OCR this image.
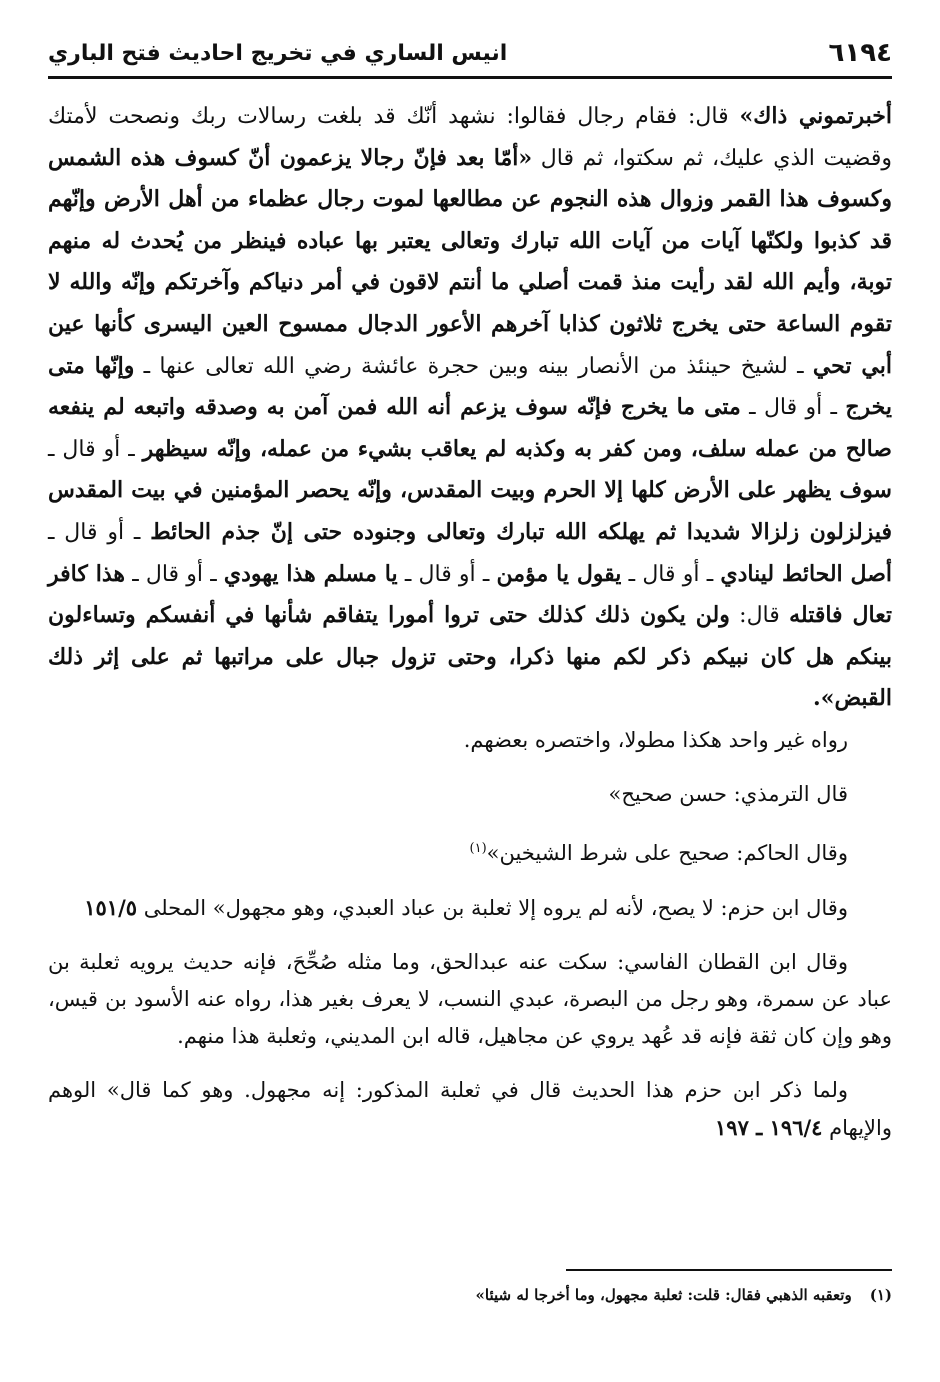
٦١٩٤
انيس الساري في تخريج احاديث فتح الباري

أخبرتموني ذاك» قال: فقام رجال فقالوا: نشهد أنّك قد بلغت رسالات ربك ونصحت لأمتك وقضيت الذي عليك، ثم سكتوا، ثم قال «أمّا بعد فإنّ رجالا يزعمون أنّ كسوف هذه الشمس وكسوف هذا القمر وزوال هذه النجوم عن مطالعها لموت رجال عظماء من أهل الأرض وإنّهم قد كذبوا ولكنّها آيات من آيات الله تبارك وتعالى يعتبر بها عباده فينظر من يُحدث له منهم توبة، وأيم الله لقد رأيت منذ قمت أصلي ما أنتم لاقون في أمر دنياكم وآخرتكم وإنّه والله لا تقوم الساعة حتى يخرج ثلاثون كذابا آخرهم الأعور الدجال ممسوح العين اليسرى كأنها عين أبي تحي ـ لشيخ حينئذ من الأنصار بينه وبين حجرة عائشة رضي الله تعالى عنها ـ وإنّها متى يخرج ـ أو قال ـ متى ما يخرج فإنّه سوف يزعم أنه الله فمن آمن به وصدقه واتبعه لم ينفعه صالح من عمله سلف، ومن كفر به وكذبه لم يعاقب بشيء من عمله، وإنّه سيظهر ـ أو قال ـ سوف يظهر على الأرض كلها إلا الحرم وبيت المقدس، وإنّه يحصر المؤمنين في بيت المقدس فيزلزلون زلزالا شديدا ثم يهلكه الله تبارك وتعالى وجنوده حتى إنّ جذم الحائط ـ أو قال ـ أصل الحائط لينادي ـ أو قال ـ يقول يا مؤمن ـ أو قال ـ يا مسلم هذا يهودي ـ أو قال ـ هذا كافر تعال فاقتله قال: ولن يكون ذلك كذلك حتى تروا أمورا يتفاقم شأنها في أنفسكم وتساءلون بينكم هل كان نبيكم ذكر لكم منها ذكرا، وحتى تزول جبال على مراتبها ثم على إثر ذلك القبض».

رواه غير واحد هكذا مطولا، واختصره بعضهم.

قال الترمذي: حسن صحيح»

وقال الحاكم: صحيح على شرط الشيخين»$^{(١)}$

وقال ابن حزم: لا يصح، لأنه لم يروه إلا ثعلبة بن عباد العبدي، وهو مجهول» المحلى ١٥١/٥

وقال ابن القطان الفاسي: سكت عنه عبدالحق، وما مثله صُحِّحَ، فإنه حديث يرويه ثعلبة بن عباد عن سمرة، وهو رجل من البصرة، عبدي النسب، لا يعرف بغير هذا، رواه عنه الأسود بن قيس، وهو وإن كان ثقة فإنه قد عُهد يروي عن مجاهيل، قاله ابن المديني، وثعلبة هذا منهم.

ولما ذكر ابن حزم هذا الحديث قال في ثعلبة المذكور: إنه مجهول. وهو كما قال» الوهم والإيهام ١٩٦/٤ ـ ١٩٧

(١)وتعقبه الذهبي فقال: قلت: ثعلبة مجهول، وما أخرجا له شيئا»
